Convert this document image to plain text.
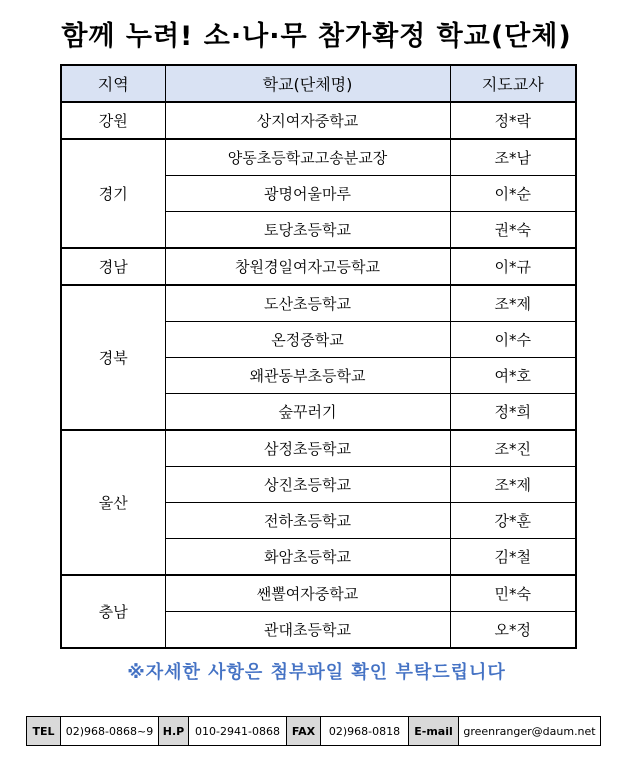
함께 누려! 소·나·무 참가확정 학교(단체)
지역	학교(단체명)	지도교사
강원	상지여자중학교	정*락
경기	양동초등학교고송분교장	조*남
	광명어울마루	이*순
	토당초등학교	권*숙
경남	창원경일여자고등학교	이*규
경북	도산초등학교	조*제
	온정중학교	이*수
	왜관동부초등학교	여*호
	숲꾸러기	정*희
울산	삼정초등학교	조*진
	상진초등학교	조*제
	전하초등학교	강*훈
	화암초등학교	김*철
충남	쌘뽈여자중학교	민*숙
	관대초등학교	오*정
※자세한 사항은 첨부파일 확인 부탁드립니다
TEL	02)968-0868~9	H.P	010-2941-0868	FAX	02)968-0818	E-mail	greenranger@daum.net
